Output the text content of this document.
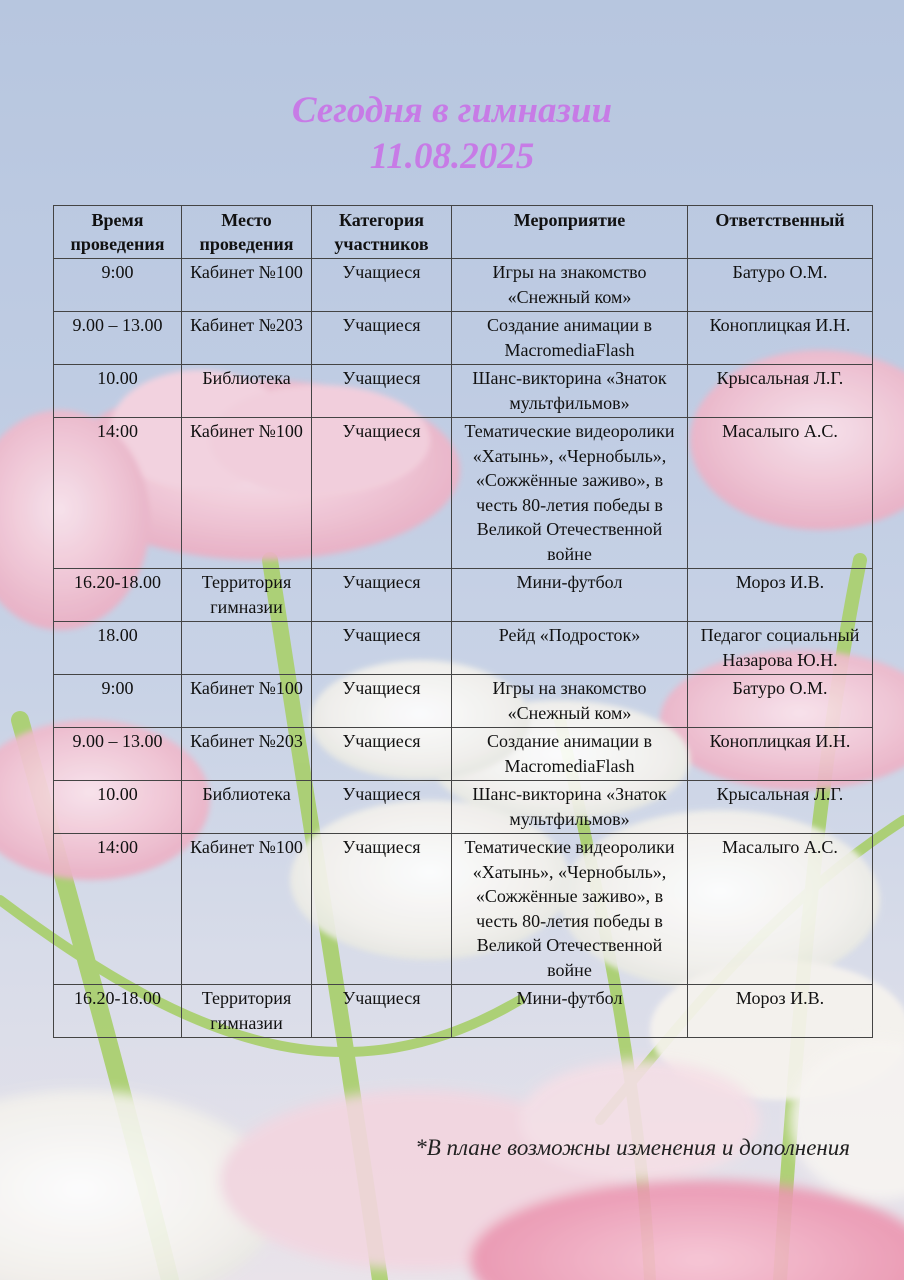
Сегодня в гимназии
11.08.2025
Время проведения	Место проведения	Категория участников	Мероприятие	Ответственный
9:00	Кабинет №100	Учащиеся	Игры на знакомство «Снежный ком»	Батуро О.М.
9.00 – 13.00	Кабинет №203	Учащиеся	Создание анимации в MacromediaFlash	Коноплицкая И.Н.
10.00	Библиотека	Учащиеся	Шанс-викторина «Знаток мультфильмов»	Крысальная Л.Г.
14:00	Кабинет №100	Учащиеся	Тематические видеоролики «Хатынь», «Чернобыль», «Сожжённые заживо», в честь 80-летия победы в Великой Отечественной войне	Масалыго А.С.
16.20-18.00	Территория гимназии	Учащиеся	Мини-футбол	Мороз И.В.
18.00		Учащиеся	Рейд «Подросток»	Педагог социальный Назарова Ю.Н.
9:00	Кабинет №100	Учащиеся	Игры на знакомство «Снежный ком»	Батуро О.М.
9.00 – 13.00	Кабинет №203	Учащиеся	Создание анимации в MacromediaFlash	Коноплицкая И.Н.
10.00	Библиотека	Учащиеся	Шанс-викторина «Знаток мультфильмов»	Крысальная Л.Г.
14:00	Кабинет №100	Учащиеся	Тематические видеоролики «Хатынь», «Чернобыль», «Сожжённые заживо», в честь 80-летия победы в Великой Отечественной войне	Масалыго А.С.
16.20-18.00	Территория гимназии	Учащиеся	Мини-футбол	Мороз И.В.
*В плане возможны изменения и дополнения
